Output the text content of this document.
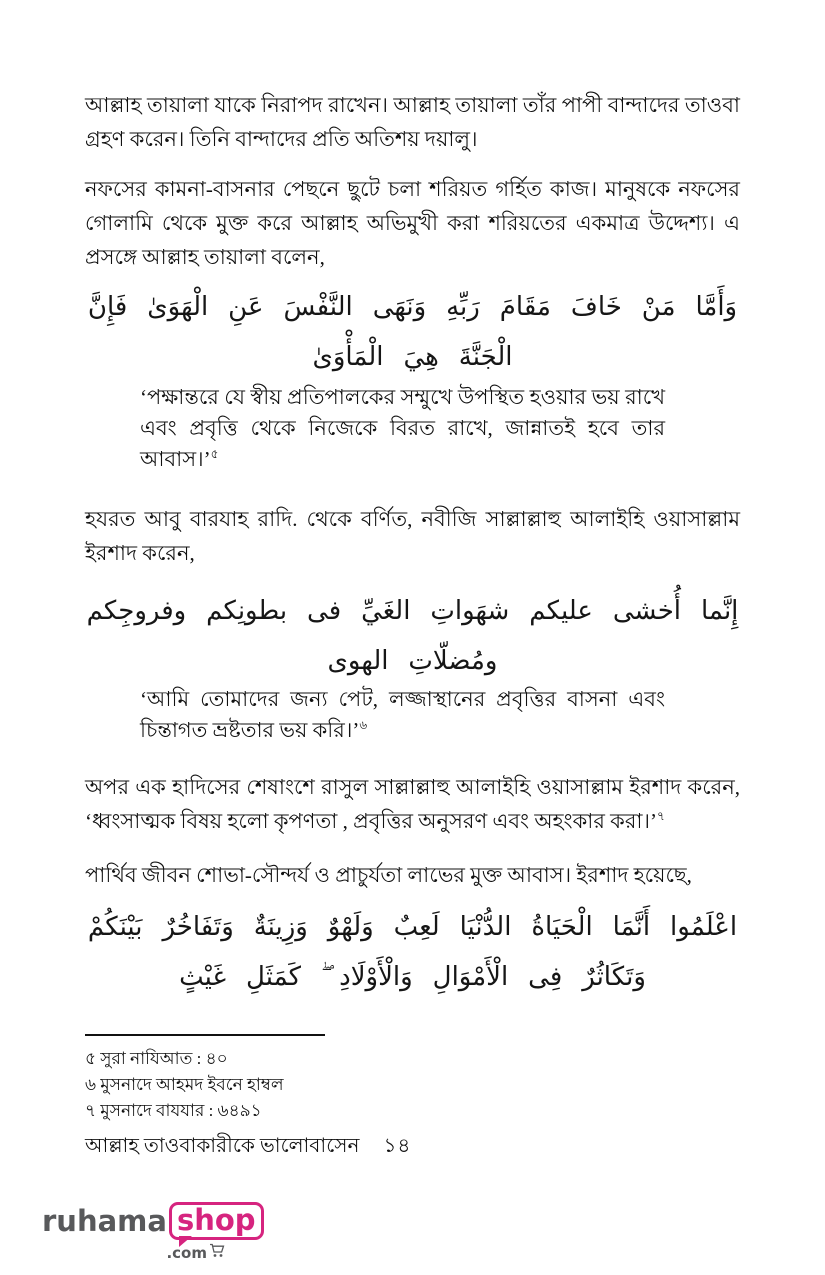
আল্লাহ তায়ালা যাকে নিরাপদ রাখেন। আল্লাহ তায়ালা তাঁর পাপী বান্দাদের তাওবা গ্রহণ করেন। তিনি বান্দাদের প্রতি অতিশয় দয়ালু।

নফসের কামনা-বাসনার পেছনে ছুটে চলা শরিয়ত গর্হিত কাজ। মানুষকে নফসের গোলামি থেকে মুক্ত করে আল্লাহ অভিমুখী করা শরিয়তের একমাত্র উদ্দেশ্য। এ প্রসঙ্গে আল্লাহ তায়ালা বলেন,

وَأَمَّا مَنْ خَافَ مَقَامَ رَبِّهِ وَنَهَى النَّفْسَ عَنِ الْهَوَىٰ فَإِنَّ الْجَنَّةَ هِيَ الْمَأْوَىٰ
‘পক্ষান্তরে যে স্বীয় প্রতিপালকের সম্মুখে উপস্থিত হওয়ার ভয় রাখে এবং প্রবৃত্তি থেকে নিজেকে বিরত রাখে, জান্নাতই হবে তার আবাস।’$^৫$

হযরত আবু বারযাহ রাদি. থেকে বর্ণিত, নবীজি সাল্লাল্লাহু আলাইহি ওয়াসাল্লাম ইরশাদ করেন,

إِنَّما أُخشى عليكم شهَواتِ الغَيِّ فى بطونِكم وفروجِكم ومُضلّاتِ الهوى
‘আমি তোমাদের জন্য পেট, লজ্জাস্থানের প্রবৃত্তির বাসনা এবং চিন্তাগত ভ্রষ্টতার ভয় করি।’$^৬$

অপর এক হাদিসের শেষাংশে রাসুল সাল্লাল্লাহু আলাইহি ওয়াসাল্লাম ইরশাদ করেন, ‘ধ্বংসাত্মক বিষয় হলো কৃপণতা , প্রবৃত্তির অনুসরণ এবং অহংকার করা।’$^৭$

পার্থিব জীবন শোভা-সৌন্দর্য ও প্রাচুর্যতা লাভের মুক্ত আবাস। ইরশাদ হয়েছে,

اعْلَمُوا أَنَّمَا الْحَيَاةُ الدُّنْيَا لَعِبٌ وَلَهْوٌ وَزِينَةٌ وَتَفَاخُرٌ بَيْنَكُمْ وَتَكَاثُرٌ فِى الْأَمْوَالِ وَالْأَوْلَادِ ۖ كَمَثَلِ غَيْثٍ

৫ সুরা নাযিআত : ৪০

৬ মুসনাদে আহমদ ইবনে হাম্বল

৭ মুসনাদে বাযযার : ৬৪৯১

আল্লাহ তাওবাকারীকে ভালোবাসেন ১৪
ruhama shop
.com
